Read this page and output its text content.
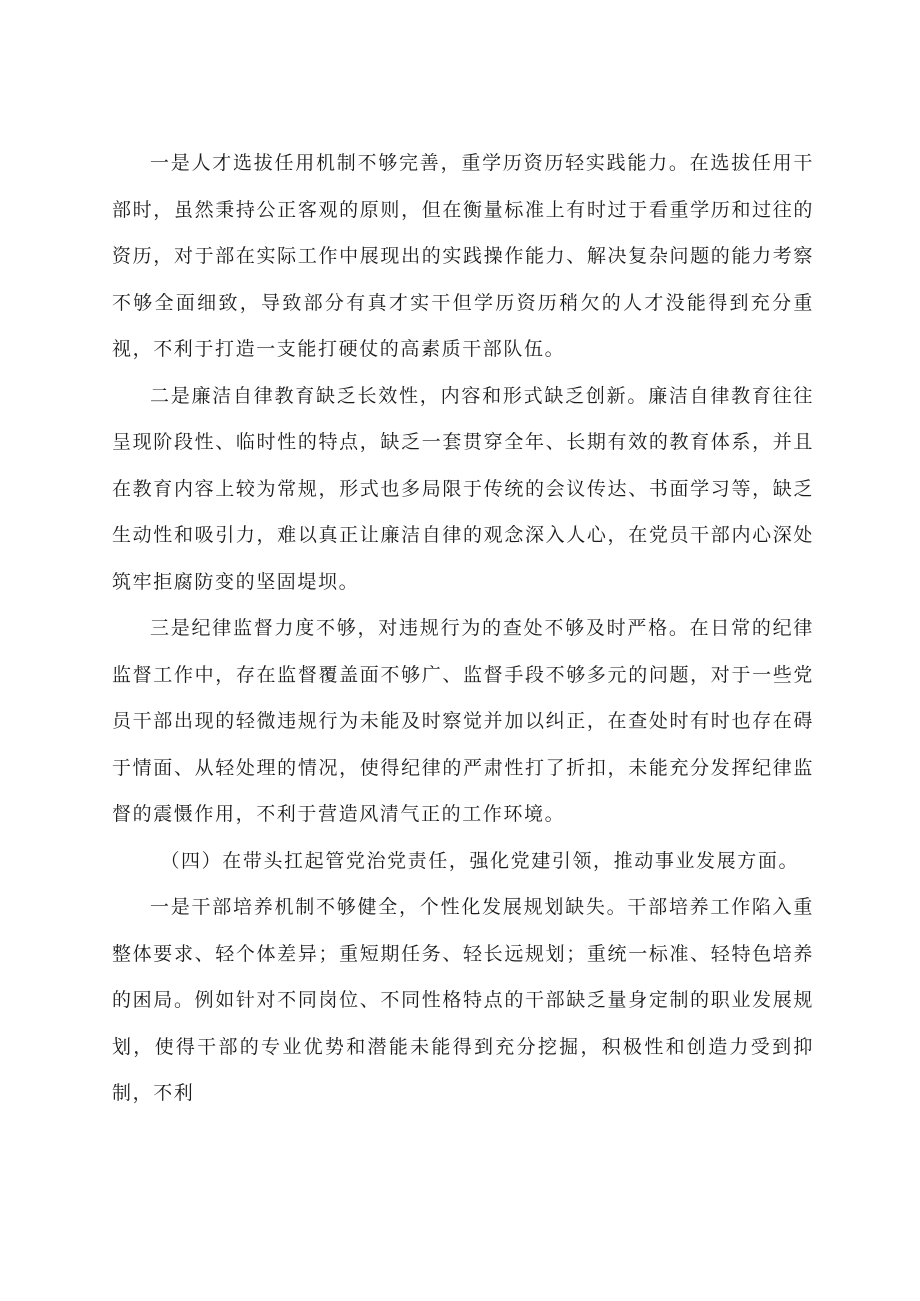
一是人才选拔任用机制不够完善，重学历资历轻实践能力。在选拔任用干部时，虽然秉持公正客观的原则，但在衡量标准上有时过于看重学历和过往的资历，对于部在实际工作中展现出的实践操作能力、解决复杂问题的能力考察不够全面细致，导致部分有真才实干但学历资历稍欠的人才没能得到充分重视，不利于打造一支能打硬仗的高素质干部队伍。

二是廉洁自律教育缺乏长效性，内容和形式缺乏创新。廉洁自律教育往往呈现阶段性、临时性的特点，缺乏一套贯穿全年、长期有效的教育体系，并且在教育内容上较为常规，形式也多局限于传统的会议传达、书面学习等，缺乏生动性和吸引力，难以真正让廉洁自律的观念深入人心，在党员干部内心深处筑牢拒腐防变的坚固堤坝。

三是纪律监督力度不够，对违规行为的查处不够及时严格。在日常的纪律监督工作中，存在监督覆盖面不够广、监督手段不够多元的问题，对于一些党员干部出现的轻微违规行为未能及时察觉并加以纠正，在查处时有时也存在碍于情面、从轻处理的情况，使得纪律的严肃性打了折扣，未能充分发挥纪律监督的震慑作用，不利于营造风清气正的工作环境。

（四）在带头扛起管党治党责任，强化党建引领，推动事业发展方面。

一是干部培养机制不够健全，个性化发展规划缺失。干部培养工作陷入重整体要求、轻个体差异；重短期任务、轻长远规划；重统一标准、轻特色培养的困局。例如针对不同岗位、不同性格特点的干部缺乏量身定制的职业发展规划，使得干部的专业优势和潜能未能得到充分挖掘，积极性和创造力受到抑制，不利
